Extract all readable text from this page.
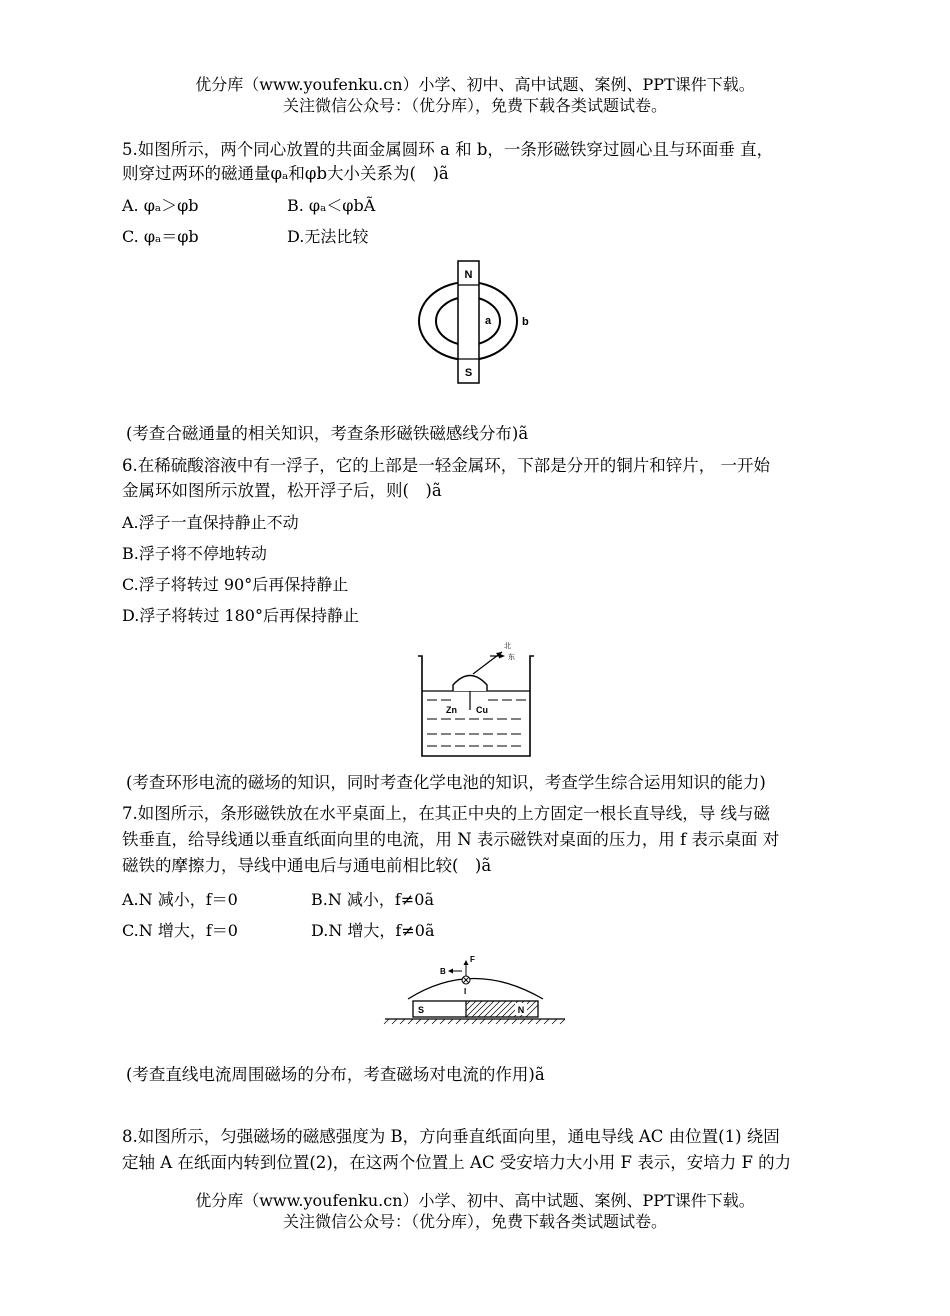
优分库（www.youfenku.cn）小学、初中、高中试题、案例、PPT课件下载。
关注微信公众号：（优分库），免费下载各类试题试卷。
5.如图所示，两个同心放置的共面金属圆环 a 和 b，一条形磁铁穿过圆心且与环面垂 直，
则穿过两环的磁通量φₐ和φb大小关系为(　)ã
A. φₐ＞φb	B. φₐ＜φbÃ
C. φₐ＝φb	D.无法比较
N
S
a	b
(考查合磁通量的相关知识，考查条形磁铁磁感线分布)ã
6.在稀硫酸溶液中有一浮子，它的上部是一轻金属环，下部是分开的铜片和锌片， 一开始
金属环如图所示放置，松开浮子后，则(　)ã
A.浮子一直保持静止不动
B.浮子将不停地转动
C.浮子将转过 90°后再保持静止
D.浮子将转过 180°后再保持静止
Zn Cu
北
东
(考查环形电流的磁场的知识，同时考查化学电池的知识，考查学生综合运用知识的能力)
7.如图所示，条形磁铁放在水平桌面上，在其正中央的上方固定一根长直导线，导 线与磁
铁垂直，给导线通以垂直纸面向里的电流，用 N 表示磁铁对桌面的压力，用 f 表示桌面 对
磁铁的摩擦力，导线中通电后与通电前相比较(　)ã
A.N 减小，f＝0	B.N 减小，f≠0ã
C.N 增大，f＝0	D.N 增大，f≠0ã
N
S
F
B
I
(考查直线电流周围磁场的分布，考查磁场对电流的作用)ã
8.如图所示，匀强磁场的磁感强度为 B，方向垂直纸面向里，通电导线 AC 由位置(1) 绕固
定轴 A 在纸面内转到位置(2)，在这两个位置上 AC 受安培力大小用 F 表示，安培力 F 的力
优分库（www.youfenku.cn）小学、初中、高中试题、案例、PPT课件下载。
关注微信公众号：（优分库），免费下载各类试题试卷。
